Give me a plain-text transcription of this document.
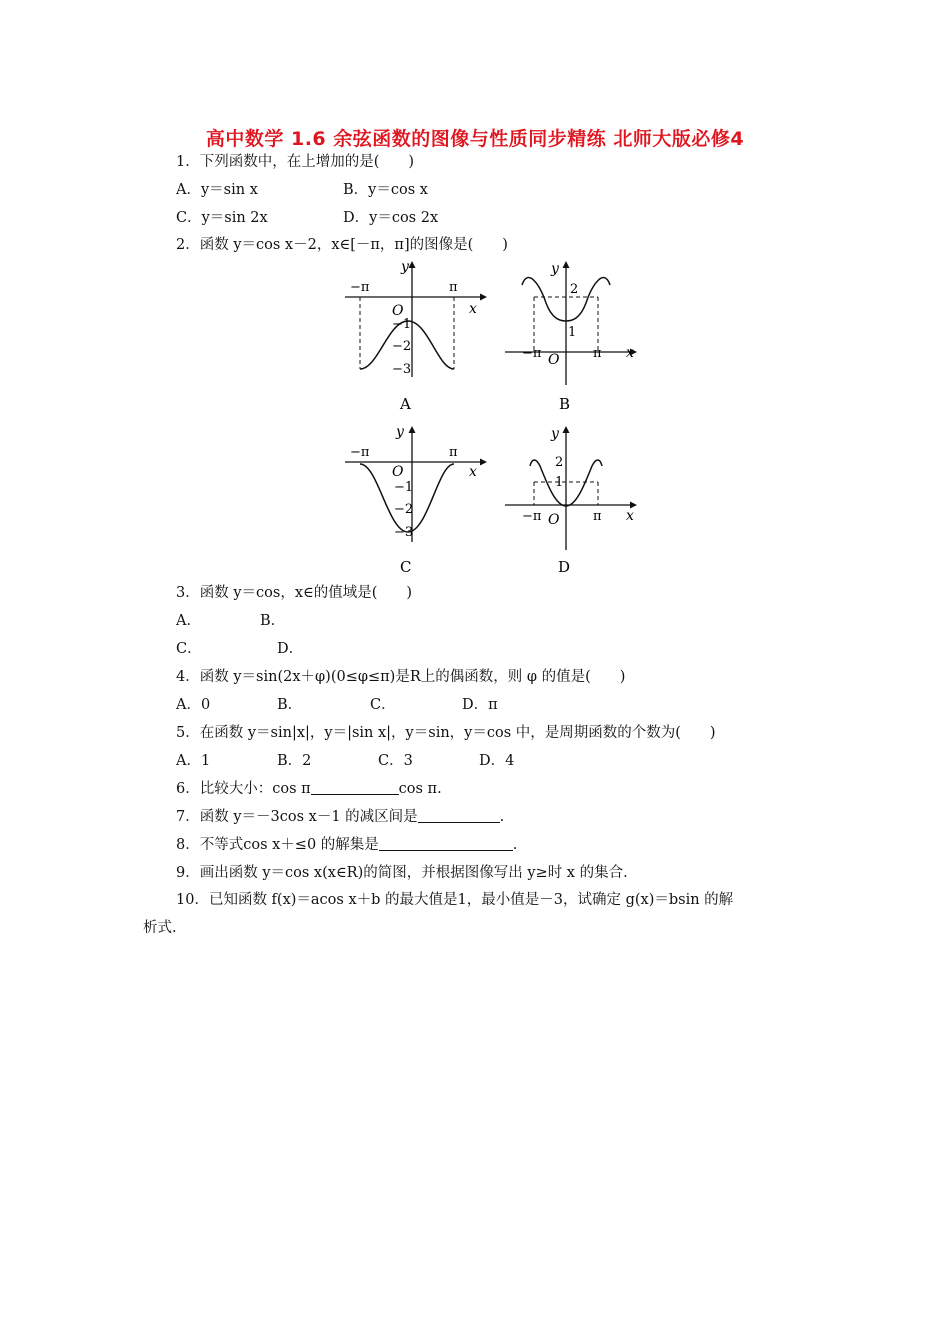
高中数学 1.6 余弦函数的图像与性质同步精练 北师大版必修4
1．下列函数中，在上增加的是(　　)
A．y＝sin x	B．y＝cos x
C．y＝sin 2x	D．y＝cos 2x
2．函数 y＝cos x－2，x∈[－π，π]的图像是(　　)
y
x
−π	π
O
−1
−2
−3
A
y
x
−π	π
O
1
2
B
y
x
−π	π
O
−1
−2
−3
C
y
x
−π	π
O
1
2
D
3．函数 y＝cos，x∈的值域是(　　)
A．	B．
C．	D．
4．函数 y＝sin(2x＋φ)(0≤φ≤π)是R上的偶函数，则 φ 的值是(　　)
A．0	B．	C．	D．π
5．在函数 y＝sin|x|，y＝|sin x|，y＝sin，y＝cos 中，是周期函数的个数为(　　)
A．1	B．2	C．3	D．4
6．比较大小：cos π	cos π.
7．函数 y＝－3cos x－1 的减区间是	.
8．不等式cos x＋≤0 的解集是	.
9．画出函数 y＝cos x(x∈R)的简图，并根据图像写出 y≥时 x 的集合.
10．已知函数 f(x)＝acos x＋b 的最大值是1，最小值是－3，试确定 g(x)＝bsin 的解
析式.
